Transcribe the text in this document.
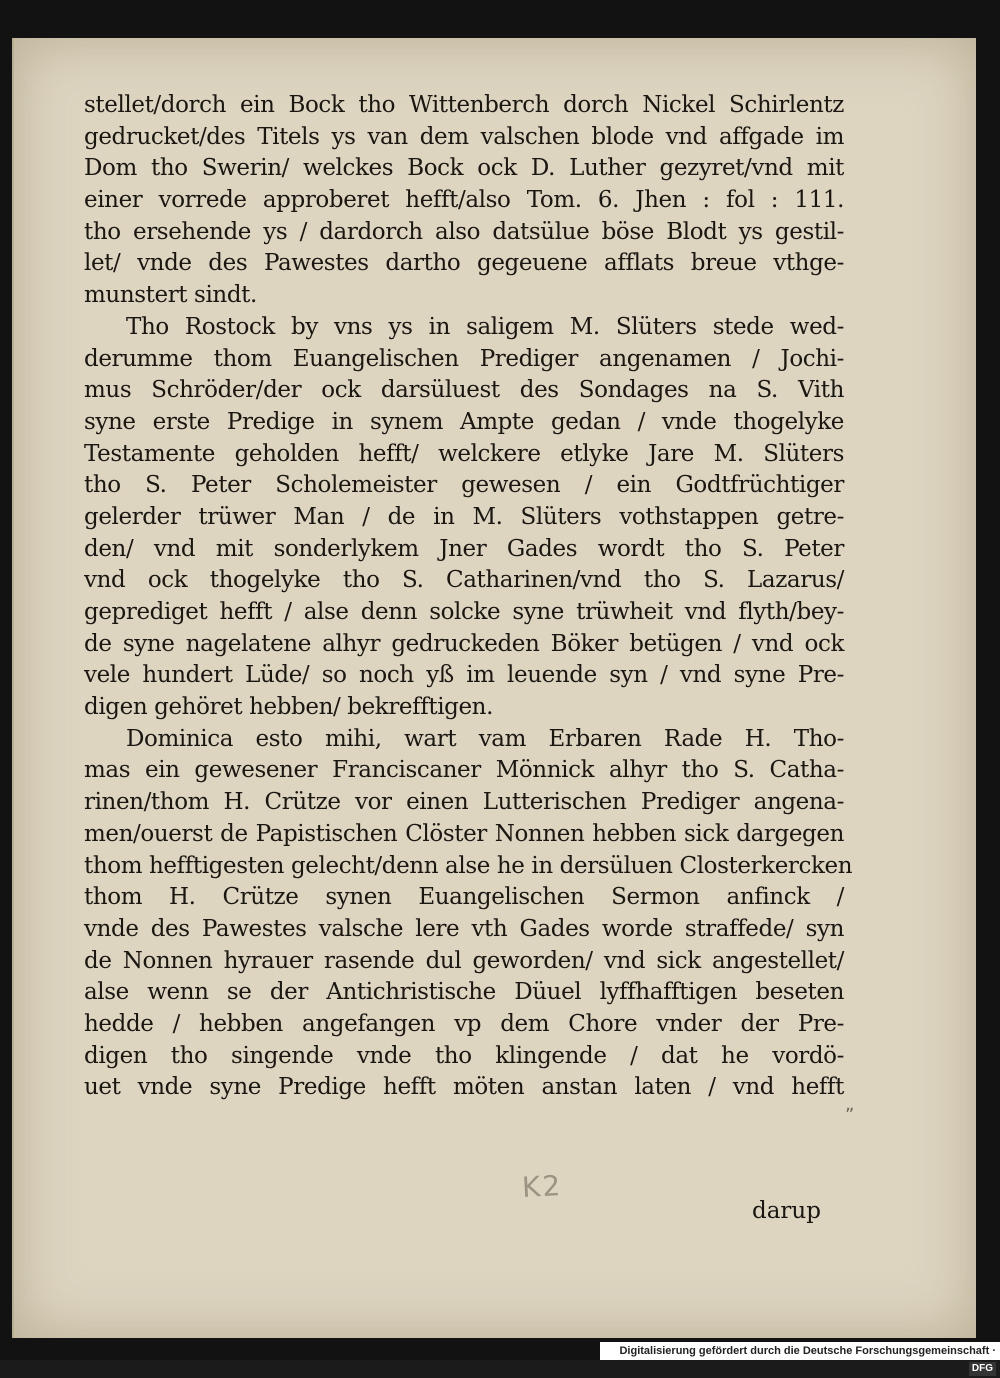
stellet/dorch ein Bock tho Wittenberch dorch Nickel Schirlentz
gedrucket/des Titels ys van dem valschen blode vnd affgade im
Dom tho Swerin/ welckes Bock ock D. Luther gezyret/vnd mit
einer vorrede approberet hefft/also Tom. 6. Jhen : fol : 111.
tho ersehende ys / dardorch also datsülue böse Blodt ys gestil-
let/ vnde des Pawestes dartho gegeuene afflats breue vthge-
munstert sindt.
Tho Rostock by vns ys in saligem M. Slüters stede wed-
derumme thom Euangelischen Prediger angenamen / Jochi-
mus Schröder/der ock darsüluest des Sondages na S. Vith
syne erste Predige in synem Ampte gedan / vnde thogelyke
Testamente geholden hefft/ welckere etlyke Jare M. Slüters
tho S. Peter Scholemeister gewesen / ein Godtfrüchtiger
gelerder trüwer Man / de in M. Slüters vothstappen getre-
den/ vnd mit sonderlykem Jner Gades wordt tho S. Peter
vnd ock thogelyke tho S. Catharinen/vnd tho S. Lazarus/
geprediget hefft / alse denn solcke syne trüwheit vnd flyth/bey-
de syne nagelatene alhyr gedruckeden Böker betügen / vnd ock
vele hundert Lüde/ so noch yß im leuende syn / vnd syne Pre-
digen gehöret hebben/ bekrefftigen.
Dominica esto mihi, wart vam Erbaren Rade H. Tho-
mas ein gewesener Franciscaner Mönnick alhyr tho S. Catha-
rinen/thom H. Crütze vor einen Lutterischen Prediger angena-
men/ouerst de Papistischen Clöster Nonnen hebben sick dargegen
thom hefftigesten gelecht/denn alse he in dersüluen Closterkercken
thom H. Crütze synen Euangelischen Sermon anfinck /
vnde des Pawestes valsche lere vth Gades worde straffede/ syn
de Nonnen hyrauer rasende dul geworden/ vnd sick angestellet/
alse wenn se der Antichristische Düuel lyffhafftigen beseten
hedde / hebben angefangen vp dem Chore vnder der Pre-
digen tho singende vnde tho klingende / dat he vordö-
uet vnde syne Predige hefft möten anstan laten / vnd hefft
darup
K2
„
Digitalisierung gefördert durch die Deutsche Forschungsgemeinschaft · DFG
